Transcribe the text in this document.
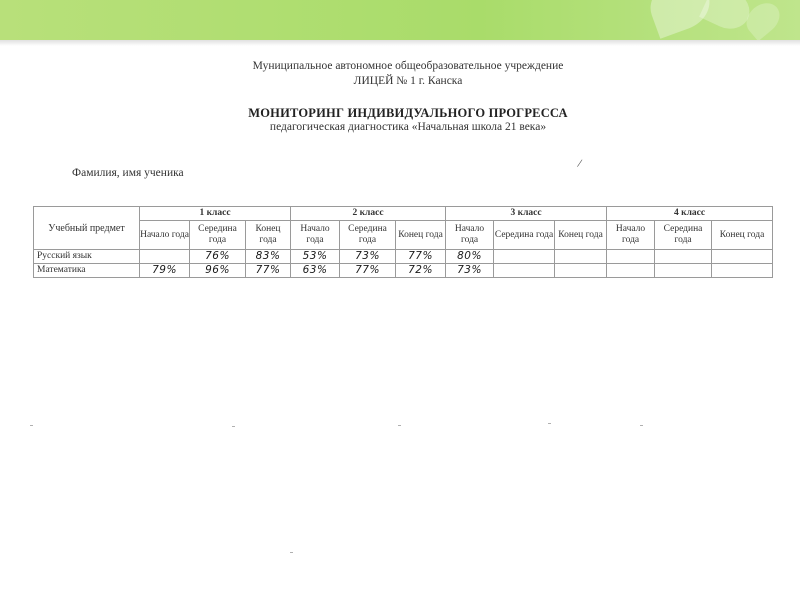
Муниципальное автономное общеобразовательное учреждение
ЛИЦЕЙ № 1 г. Канска
МОНИТОРИНГ ИНДИВИДУАЛЬНОГО ПРОГРЕССА
педагогическая диагностика «Начальная школа 21 века»
/
Фамилия, имя ученика
Учебный предмет	1 класс			2 класс			3 класс			4 класс		
	Начало года	Середина года	Конец года	Начало года	Середина года	Конец года	Начало года	Середина года	Конец года	Начало года	Середина года	Конец года
Русский язык		76%	83%	53%	73%	77%	80%					
Математика	79%	96%	77%	63%	77%	72%	73%					
